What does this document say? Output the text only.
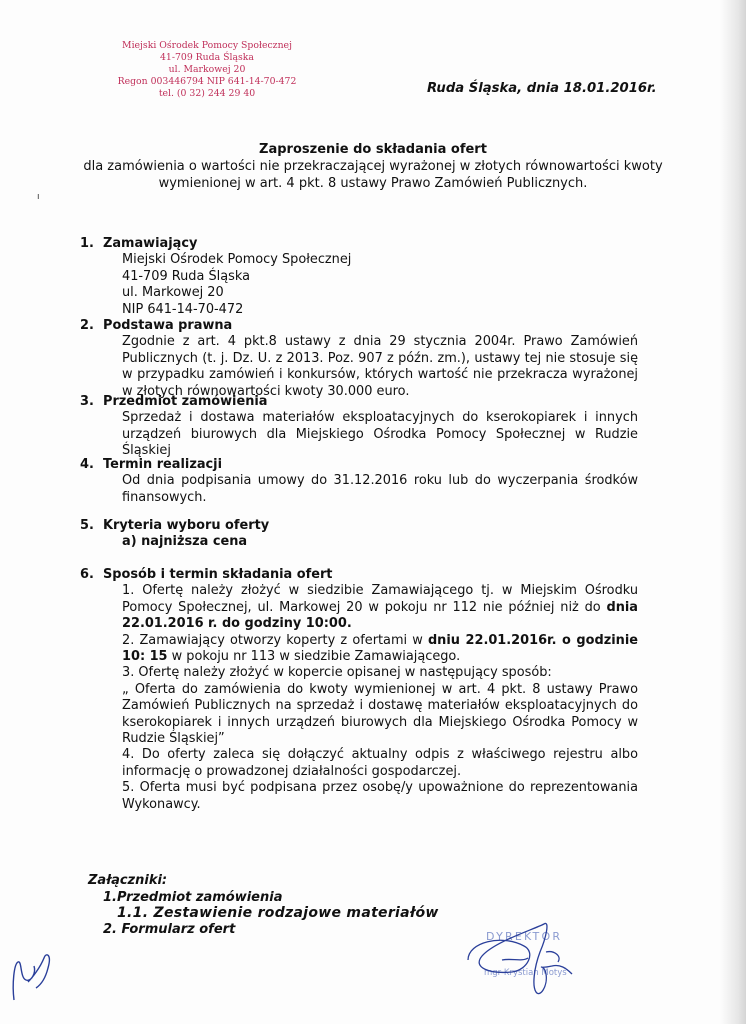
Miejski Ośrodek Pomocy Społecznej
41-709 Ruda Śląska
ul. Markowej 20
Regon 003446794 NIP 641-14-70-472
tel. (0 32) 244 29 40	Ruda Śląska, dnia 18.01.2016r.
ı
Zaproszenie do składania ofert
dla zamówienia o wartości nie przekraczającej wyrażonej w złotych równowartości kwoty
wymienionej w art. 4 pkt. 8 ustawy Prawo Zamówień Publicznych.
1. Zamawiający
Miejski Ośrodek Pomocy Społecznej
41-709 Ruda Śląska
ul. Markowej 20
NIP 641-14-70-472
2. Podstawa prawna
Zgodnie z art. 4 pkt.8 ustawy z dnia 29 stycznia 2004r. Prawo Zamówień Publicznych (t. j. Dz. U. z 2013. Poz. 907 z późn. zm.), ustawy tej nie stosuje się w przypadku zamówień i konkursów, których wartość nie przekracza wyrażonej w złotych równowartości kwoty 30.000 euro.
3. Przedmiot zamówienia
Sprzedaż i dostawa materiałów eksploatacyjnych do kserokopiarek i innych urządzeń biurowych dla Miejskiego Ośrodka Pomocy Społecznej w Rudzie Śląskiej
4. Termin realizacji
Od dnia podpisania umowy do 31.12.2016 roku lub do wyczerpania środków finansowych.
5. Kryteria wyboru oferty
a) najniższa cena
6. Sposób i termin składania ofert
1. Ofertę należy złożyć w siedzibie Zamawiającego tj. w Miejskim Ośrodku Pomocy Społecznej, ul. Markowej 20 w pokoju nr 112 nie później niż do dnia 22.01.2016 r. do godziny 10:00.
2. Zamawiający otworzy koperty z ofertami w dniu 22.01.2016r. o godzinie 10: 15 w pokoju nr 113 w siedzibie Zamawiającego.
3. Ofertę należy złożyć w kopercie opisanej w następujący sposób:
„ Oferta do zamówienia do kwoty wymienionej w art. 4 pkt. 8 ustawy Prawo Zamówień Publicznych na sprzedaż i dostawę materiałów eksploatacyjnych do kserokopiarek i innych urządzeń biurowych dla Miejskiego Ośrodka Pomocy w Rudzie Śląskiej”
4. Do oferty zaleca się dołączyć aktualny odpis z właściwego rejestru albo informację o prowadzonej działalności gospodarczej.
5. Oferta musi być podpisana przez osobę/y upoważnione do reprezentowania Wykonawcy.
Załączniki:
1.Przedmiot zamówienia
1.1. Zestawienie rodzajowe materiałów
2. Formularz ofert	DYREKTOR
mgr Krystian Motyś
